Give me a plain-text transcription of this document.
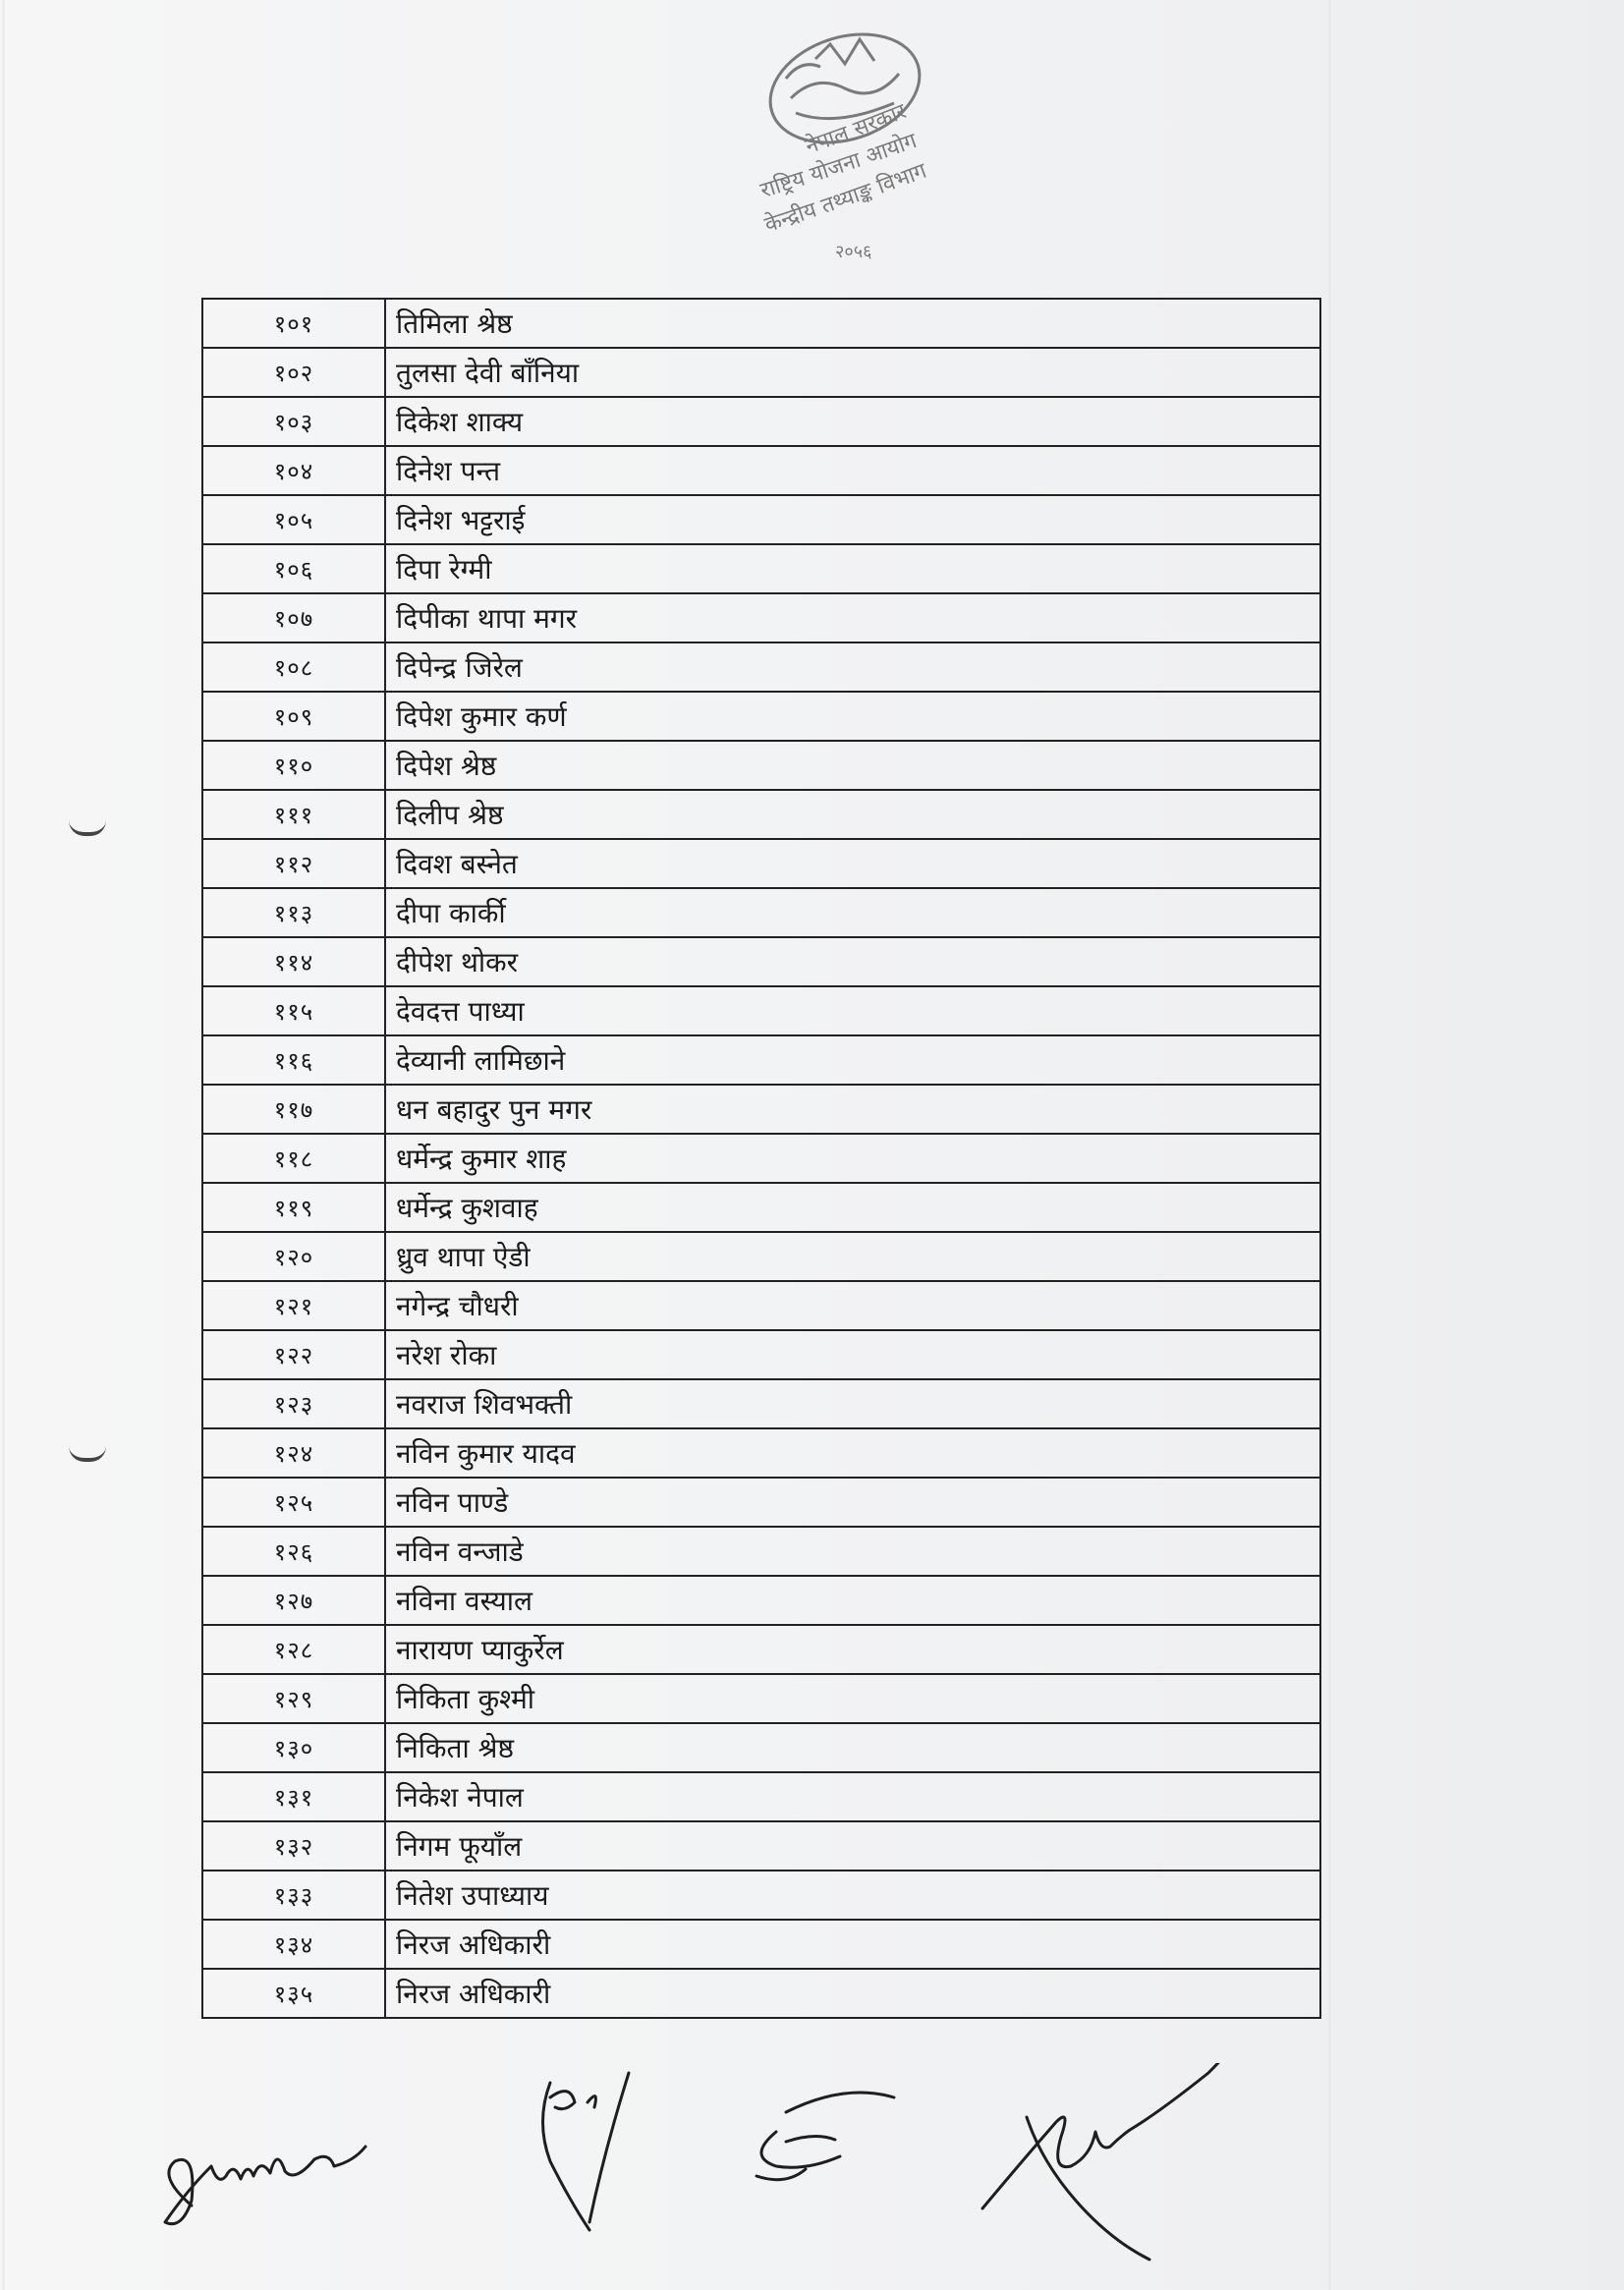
नेपाल सरकार
राष्ट्रिय योजना आयोग
केन्द्रीय तथ्याङ्क विभाग
२०५६
१०१	तिमिला श्रेष्ठ
१०२	तुलसा देवी बाँनिया
१०३	दिकेश शाक्य
१०४	दिनेश पन्त
१०५	दिनेश भट्टराई
१०६	दिपा रेग्मी
१०७	दिपीका थापा मगर
१०८	दिपेन्द्र जिरेल
१०९	दिपेश कुमार कर्ण
११०	दिपेश श्रेष्ठ
१११	दिलीप श्रेष्ठ
११२	दिवश बस्नेत
११३	दीपा कार्की
११४	दीपेश थोकर
११५	देवदत्त पाध्या
११६	देव्यानी लामिछाने
११७	धन बहादुर पुन मगर
११८	धर्मेन्द्र कुमार शाह
११९	धर्मेन्द्र कुशवाह
१२०	ध्रुव थापा ऐडी
१२१	नगेन्द्र चौधरी
१२२	नरेश रोका
१२३	नवराज शिवभक्ती
१२४	नविन कुमार यादव
१२५	नविन पाण्डे
१२६	नविन वन्जाडे
१२७	नविना वस्याल
१२८	नारायण प्याकुर्रेल
१२९	निकिता कुश्मी
१३०	निकिता श्रेष्ठ
१३१	निकेश नेपाल
१३२	निगम फूयाँल
१३३	नितेश उपाध्याय
१३४	निरज अधिकारी
१३५	निरज अधिकारी
